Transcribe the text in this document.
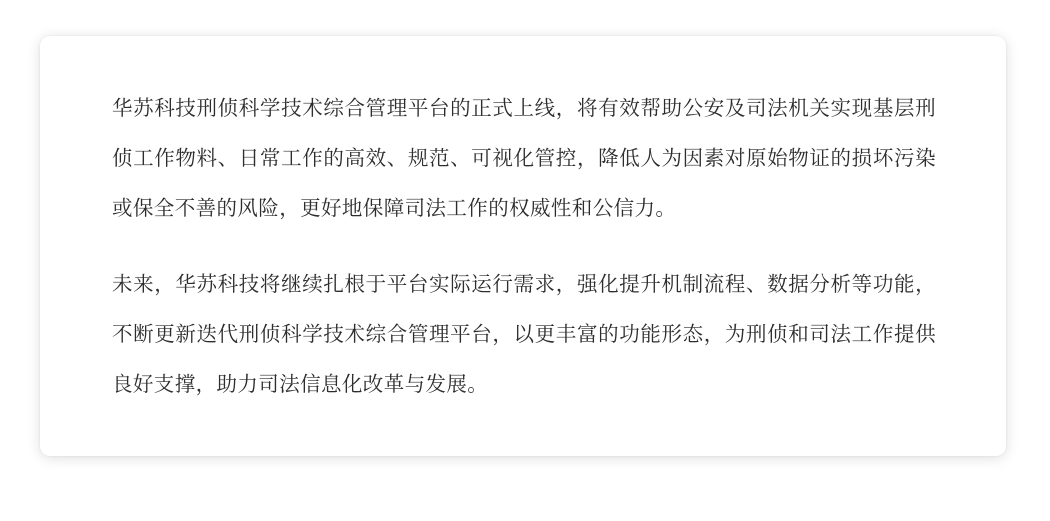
华苏科技刑侦科学技术综合管理平台的正式上线，将有效帮助公安及司法机关实现基层刑侦工作物料、日常工作的高效、规范、可视化管控，降低人为因素对原始物证的损坏污染或保全不善的风险，更好地保障司法工作的权威性和公信力。

未来，华苏科技将继续扎根于平台实际运行需求，强化提升机制流程、数据分析等功能，不断更新迭代刑侦科学技术综合管理平台，以更丰富的功能形态，为刑侦和司法工作提供良好支撑，助力司法信息化改革与发展。
